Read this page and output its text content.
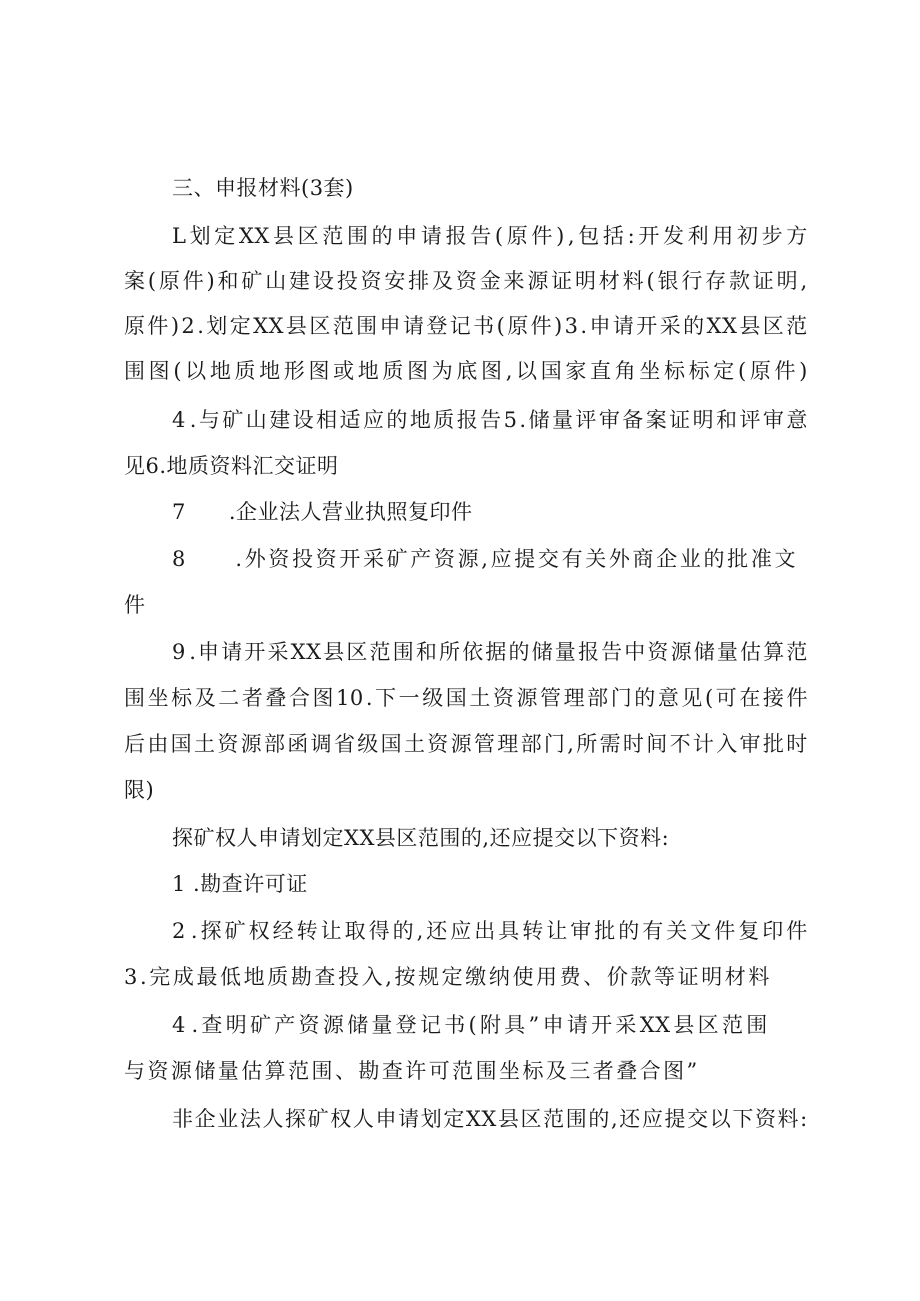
三、申报材料(3套)
L 划 定 XX 县 区 范 围 的 申 请 报 告 ( 原 件 ) , 包 括 : 开 发 利 用 初 步 方
案 ( 原 件 ) 和 矿 山 建 设 投 资 安 排 及 资 金 来 源 证 明 材 料 ( 银 行 存 款 证 明 ,
原 件 ) 2 . 划 定 XX 县 区 范 围 申 请 登 记 书 ( 原 件 ) 3 . 申 请 开 采 的 XX 县 区 范
围 图 ( 以 地 质 地 形 图 或 地 质 图 为 底 图 , 以 国 家 直 角 坐 标 标 定 ( 原 件 )
4 . 与 矿 山 建 设 相 适 应 的 地 质 报 告 5 . 储 量 评 审 备 案 证 明 和 评 审 意
见6.地质资料汇交证明
7　　.企业法人营业执照复印件
8

　 . 外 资 投 资 开 采 矿 产 资 源 , 应 提 交 有 关 外 商 企 业 的 批 准 文
件
9 . 申 请 开 采 XX 县 区 范 围 和 所 依 据 的 储 量 报 告 中 资 源 储 量 估 算 范
围 坐 标 及 二 者 叠 合 图 10 . 下 一 级 国 土 资 源 管 理 部 门 的 意 见 ( 可 在 接 件
后 由 国 土 资 源 部 函 调 省 级 国 土 资 源 管 理 部 门 , 所 需 时 间 不 计 入 审 批 时
限)
探矿权人申请划定XX县区范围的,还应提交以下资料:
1 .勘查许可证
2 . 探 矿 权 经 转 让 取 得 的 , 还 应 出 具 转 让 审 批 的 有 关 文 件 复 印 件
3 . 完 成 最 低 地 质 勘 查 投 入 , 按 规 定 缴 纳 使 用 费 、 价 款 等 证 明 材 料
4 . 查 明 矿 产 资 源 储 量 登 记 书 ( 附 具 ” 申 请 开 采 XX 县 区 范 围
与 资 源 储 量 估 算 范 围 、 勘 查 许 可 范 围 坐 标 及 三 者 叠 合 图 ”
非 企 业 法 人 探 矿 权 人 申 请 划 定 XX 县 区 范 围 的 , 还 应 提 交 以 下 资 料 :
